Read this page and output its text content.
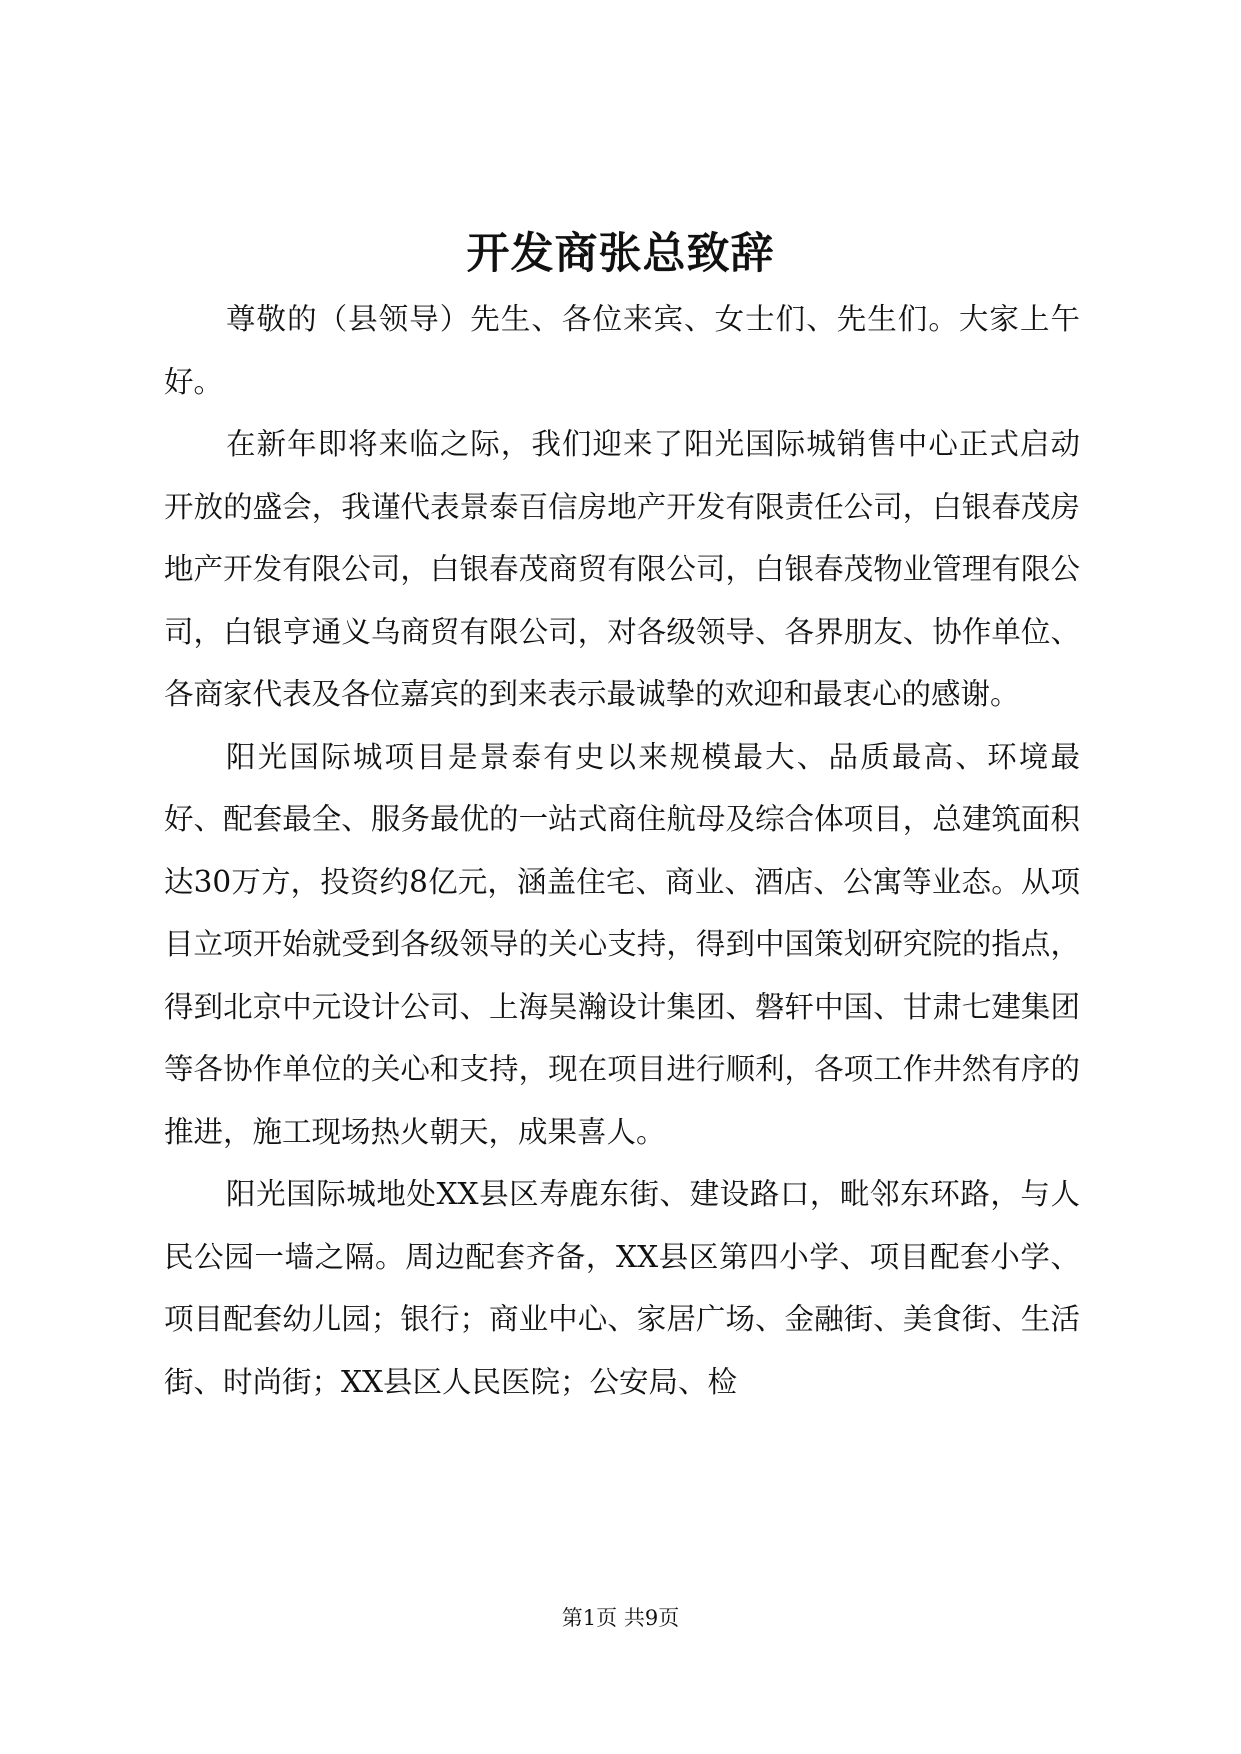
开发商张总致辞

尊敬的（县领导）先生、各位来宾、女士们、先生们。大家上午好。

在新年即将来临之际，我们迎来了阳光国际城销售中心正式启动开放的盛会，我谨代表景泰百信房地产开发有限责任公司，白银春茂房地产开发有限公司，白银春茂商贸有限公司，白银春茂物业管理有限公司，白银亨通义乌商贸有限公司，对各级领导、各界朋友、协作单位、各商家代表及各位嘉宾的到来表示最诚挚的欢迎和最衷心的感谢。

阳光国际城项目是景泰有史以来规模最大、品质最高、环境最好、配套最全、服务最优的一站式商住航母及综合体项目，总建筑面积达30万方，投资约8亿元，涵盖住宅、商业、酒店、公寓等业态。从项目立项开始就受到各级领导的关心支持，得到中国策划研究院的指点，得到北京中元设计公司、上海昊瀚设计集团、磐轩中国、甘肃七建集团等各协作单位的关心和支持，现在项目进行顺利，各项工作井然有序的推进，施工现场热火朝天，成果喜人。

阳光国际城地处XX县区寿鹿东街、建设路口，毗邻东环路，与人民公园一墙之隔。周边配套齐备，XX县区第四小学、项目配套小学、项目配套幼儿园；银行；商业中心、家居广场、金融街、美食街、生活街、时尚街；XX县区人民医院；公安局、检

第1页 共9页
